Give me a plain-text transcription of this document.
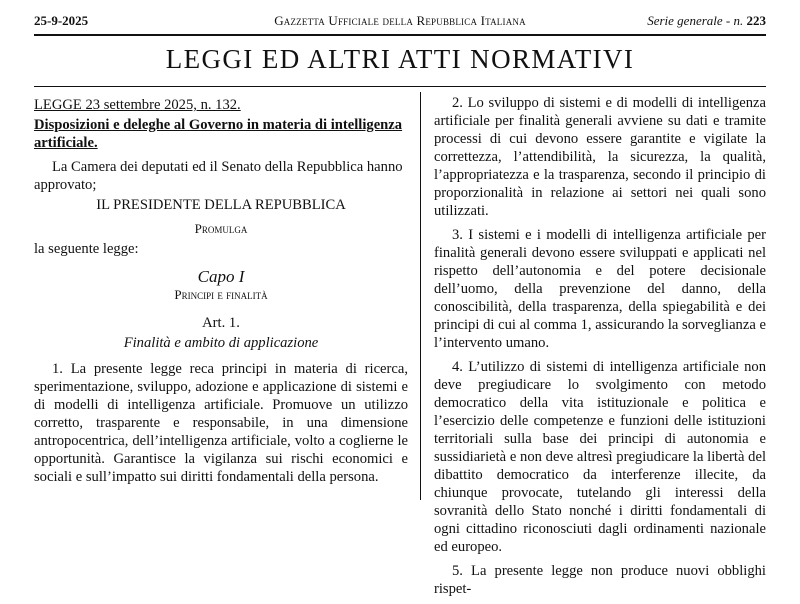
25-9-2025	Gazzetta Ufficiale della Repubblica Italiana	Serie generale - n. 223
LEGGI ED ALTRI ATTI NORMATIVI

LEGGE 23 settembre 2025, n. 132.

Disposizioni e deleghe al Governo in materia di intelligenza artificiale.

La Camera dei deputati ed il Senato della Repubblica hanno approvato;

IL PRESIDENTE DELLA REPUBBLICA

Promulga

la seguente legge:

Capo I

Principi e finalità

Art. 1.

Finalità e ambito di applicazione

1. La presente legge reca principi in materia di ricerca, sperimentazione, sviluppo, adozione e applicazione di sistemi e di modelli di intelligenza artificiale. Promuove un utilizzo corretto, trasparente e responsabile, in una dimensione antropocentrica, dell’intelligenza artificiale, volto a coglierne le opportunità. Garantisce la vigilanza sui rischi economici e sociali e sull’impatto sui diritti fondamentali della persona.

2. Lo sviluppo di sistemi e di modelli di intelligenza artificiale per finalità generali avviene su dati e tramite processi di cui devono essere garantite e vigilate la correttezza, l’attendibilità, la sicurezza, la qualità, l’appropriatezza e la trasparenza, secondo il principio di proporzionalità in relazione ai settori nei quali sono utilizzati.

3. I sistemi e i modelli di intelligenza artificiale per finalità generali devono essere sviluppati e applicati nel rispetto dell’autonomia e del potere decisionale dell’uomo, della prevenzione del danno, della conoscibilità, della trasparenza, della spiegabilità e dei principi di cui al comma 1, assicurando la sorveglianza e l’intervento umano.

4. L’utilizzo di sistemi di intelligenza artificiale non deve pregiudicare lo svolgimento con metodo democratico della vita istituzionale e politica e l’esercizio delle competenze e funzioni delle istituzioni territoriali sulla base dei principi di autonomia e sussidiarietà e non deve altresì pregiudicare la libertà del dibattito democratico da interferenze illecite, da chiunque provocate, tutelando gli interessi della sovranità dello Stato nonché i diritti fondamentali di ogni cittadino riconosciuti dagli ordinamenti nazionale ed europeo.

5. La presente legge non produce nuovi obblighi rispet-
